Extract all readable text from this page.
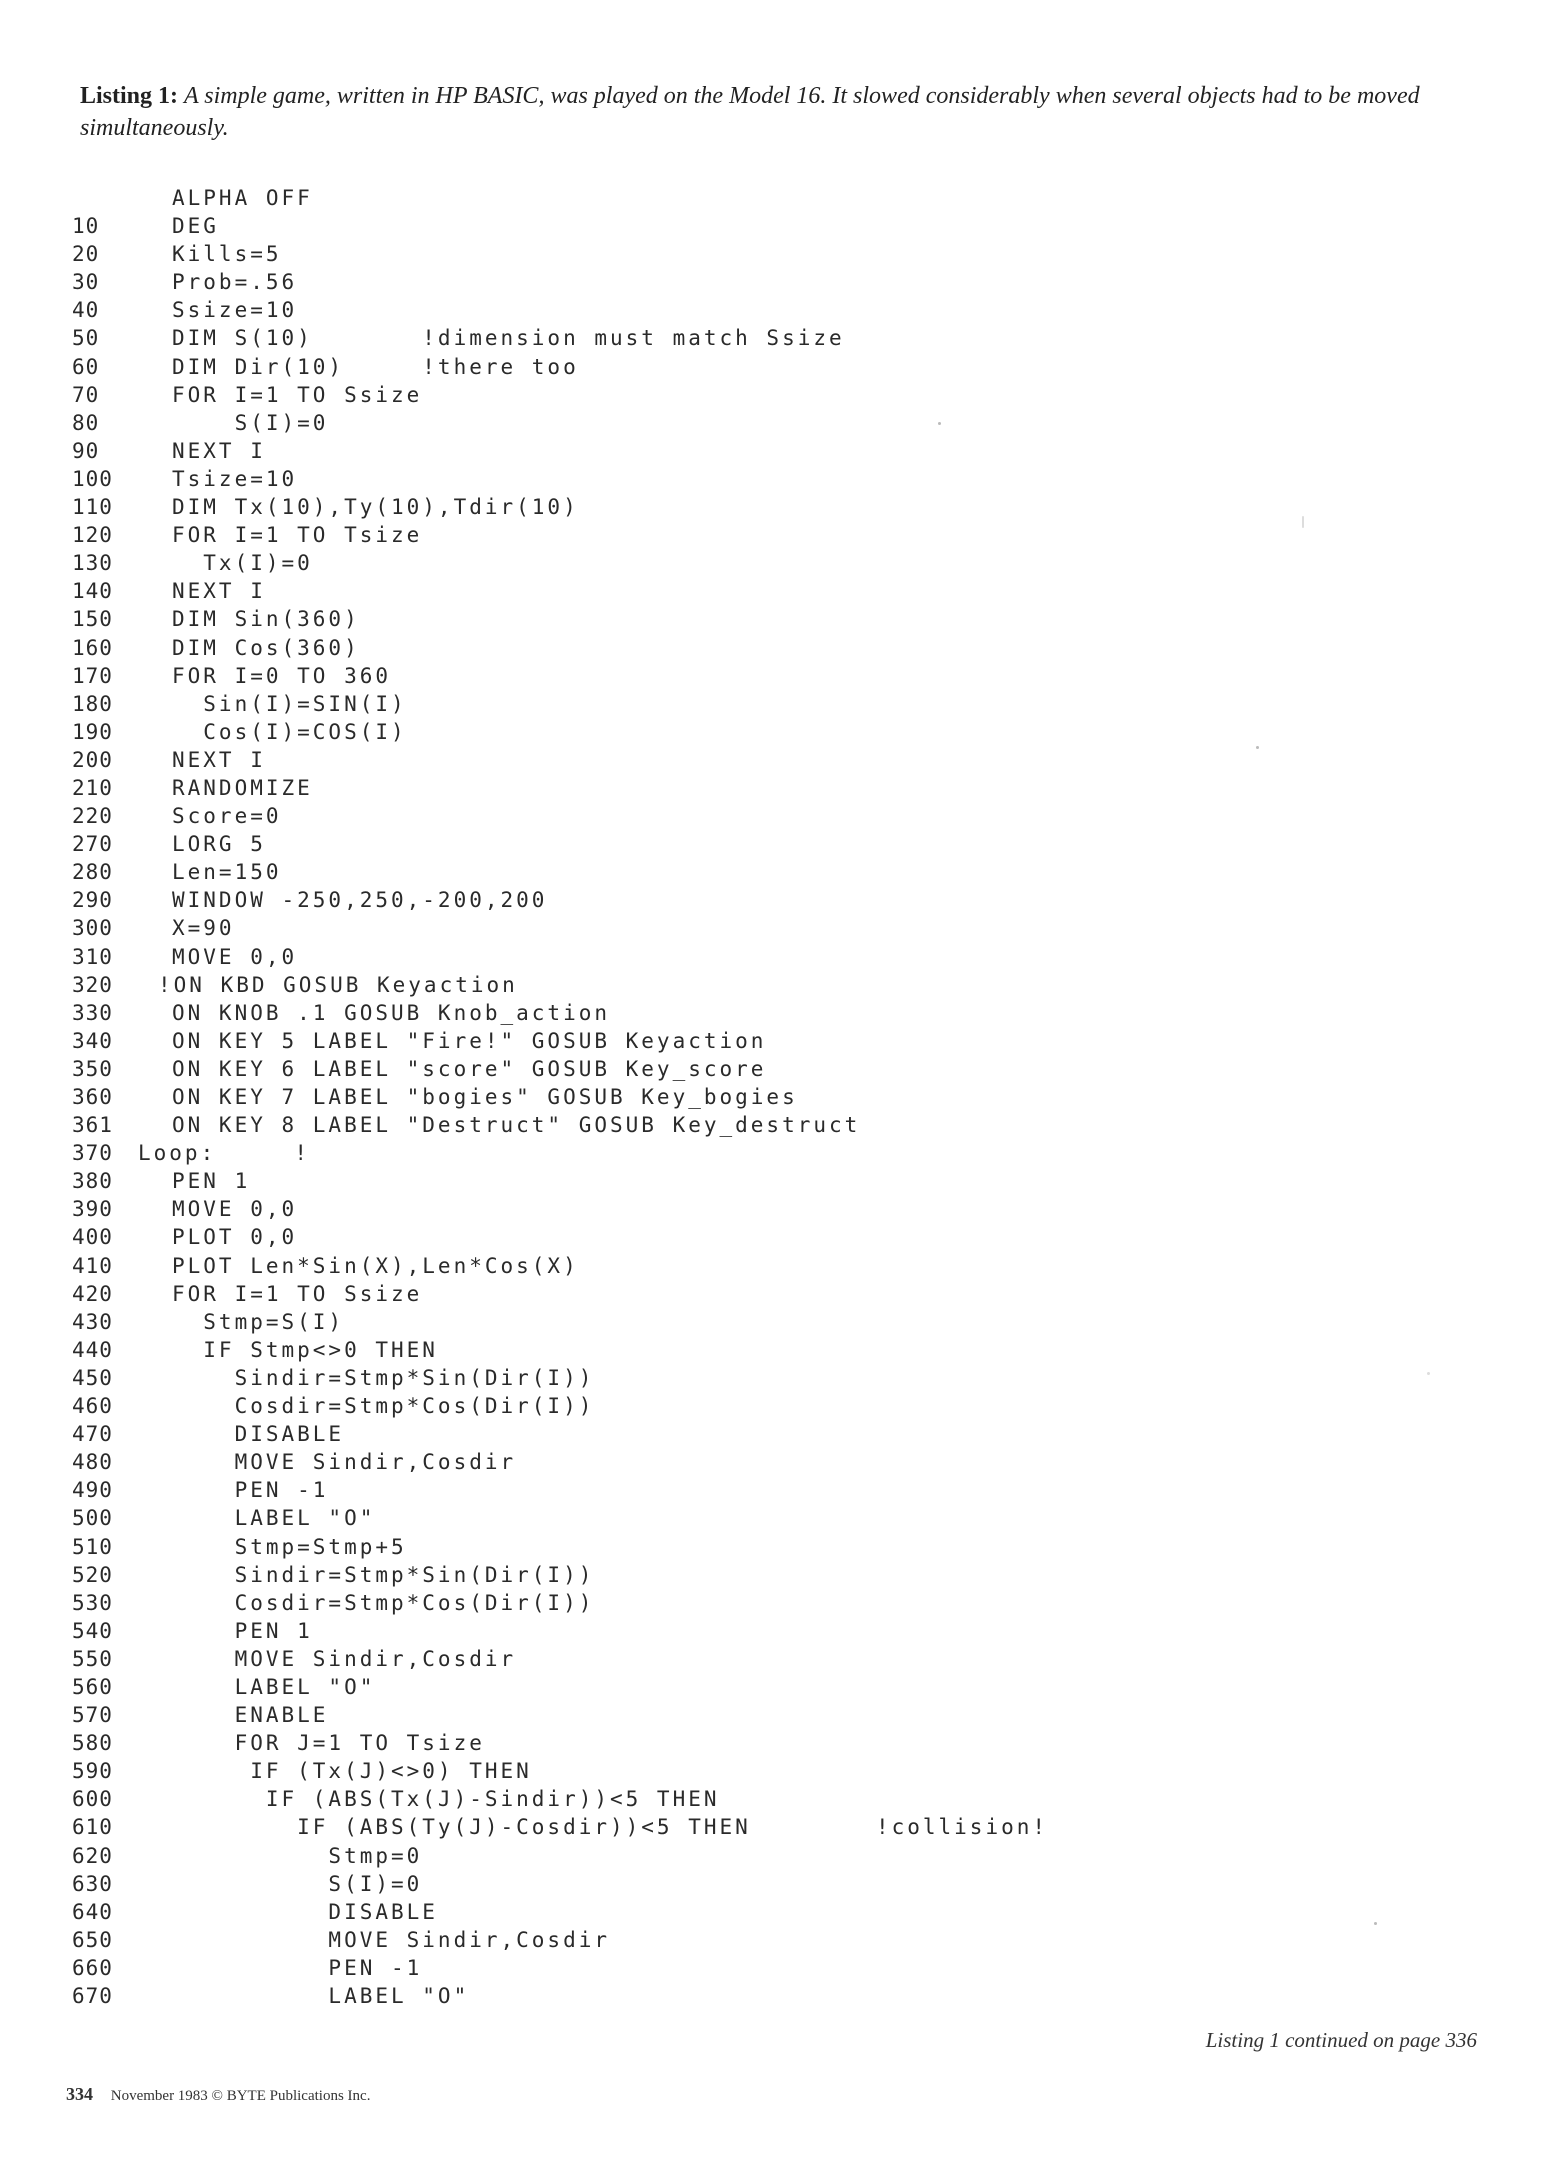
Listing 1: A simple game, written in HP BASIC, was played on the Model 16. It slowed considerably when several objects had to be moved simultaneously.
ALPHA OFF
10	DEG
20	Kills=5
30	Prob=.56
40	Ssize=10
50	DIM S(10)       !dimension must match Ssize
60	DIM Dir(10)     !there too
70	FOR I=1 TO Ssize
80	S(I)=0
90	NEXT I
100	Tsize=10
110	DIM Tx(10),Ty(10),Tdir(10)
120	FOR I=1 TO Tsize
130	Tx(I)=0
140	NEXT I
150	DIM Sin(360)
160	DIM Cos(360)
170	FOR I=0 TO 360
180	Sin(I)=SIN(I)
190	Cos(I)=COS(I)
200	NEXT I
210	RANDOMIZE
220	Score=0
270	LORG 5
280	Len=150
290	WINDOW -250,250,-200,200
300	X=90
310	MOVE 0,0
320 !ON KBD GOSUB Keyaction
330	ON KNOB .1 GOSUB Knob_action
340	ON KEY 5 LABEL "Fire!" GOSUB Keyaction
350	ON KEY 6 LABEL "score" GOSUB Key_score
360	ON KEY 7 LABEL "bogies" GOSUB Key_bogies
361	ON KEY 8 LABEL "Destruct" GOSUB Key_destruct
370 Loop:     !
380	PEN 1
390	MOVE 0,0
400	PLOT 0,0
410	PLOT Len*Sin(X),Len*Cos(X)
420	FOR I=1 TO Ssize
430	Stmp=S(I)
440	IF Stmp<>0 THEN
450	Sindir=Stmp*Sin(Dir(I))
460	Cosdir=Stmp*Cos(Dir(I))
470	DISABLE
480	MOVE Sindir,Cosdir
490	PEN -1
500	LABEL "O"
510	Stmp=Stmp+5
520	Sindir=Stmp*Sin(Dir(I))
530	Cosdir=Stmp*Cos(Dir(I))
540	PEN 1
550	MOVE Sindir,Cosdir
560	LABEL "O"
570	ENABLE
580	FOR J=1 TO Tsize
590	IF (Tx(J)<>0) THEN
600	IF (ABS(Tx(J)-Sindir))<5 THEN
610	IF (ABS(Ty(J)-Cosdir))<5 THEN        !collision!
620	Stmp=0
630	S(I)=0
640	DISABLE
650	MOVE Sindir,Cosdir
660	PEN -1
670	LABEL "O"
Listing 1 continued on page 336
334 November 1983 © BYTE Publications Inc.
